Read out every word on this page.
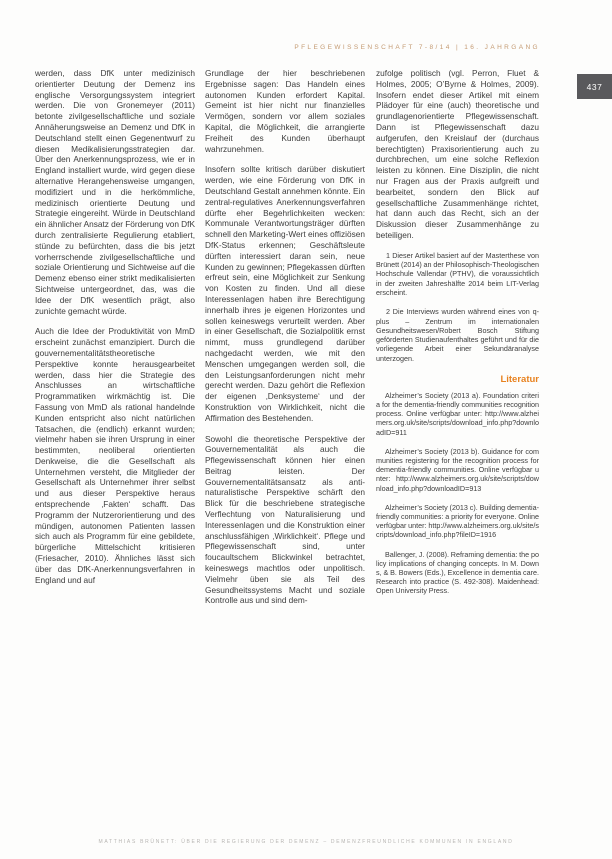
PFLEGEWISSENSCHAFT 7-8/14 | 16. JAHRGANG
437

werden, dass DfK unter medizinisch orientierter Deutung der Demenz ins englische Versorgungssystem integriert werden. Die von Gronemeyer (2011) betonte zivilgesellschaftliche und soziale Annäherungsweise an Demenz und DfK in Deutschland stellt einen Gegenentwurf zu diesen Medikalisierungsstrategien dar. Über den Anerkennungsprozess, wie er in England installiert wurde, wird gegen diese alternative Herangehensweise umgangen, modifiziert und in die herkömmliche, medizinisch orientierte Deutung und Strategie eingereiht. Würde in Deutschland ein ähnlicher Ansatz der Förderung von DfK durch zentralisierte Regulierung etabliert, stünde zu befürchten, dass die bis jetzt vorherrschende zivilgesellschaftliche und soziale Orientierung und Sichtweise auf die Demenz ebenso einer strikt medikalisierten Sichtweise untergeordnet, das, was die Idee der DfK wesentlich prägt, also zunichte gemacht würde.

Auch die Idee der Produktivität von MmD erscheint zunächst emanzipiert. Durch die gouvernementalitätstheoretische Perspektive konnte herausgearbeitet werden, dass hier die Strategie des Anschlusses an wirtschaftliche Programmatiken wirkmächtig ist. Die Fassung von MmD als rational handelnde Kunden entspricht also nicht natürlichen Tatsachen, die (endlich) erkannt wurden; vielmehr haben sie ihren Ursprung in einer bestimmten, neoliberal orientierten Denkweise, die die Gesellschaft als Unternehmen versteht, die Mitglieder der Gesellschaft als Unternehmer ihrer selbst und aus dieser Perspektive heraus entsprechende ‚Fakten‘ schafft. Das Programm der Nutzerorientierung und des mündigen, autonomen Patienten lassen sich auch als Programm für eine gebildete, bürgerliche Mittelschicht kritisieren (Friesacher, 2010). Ähnliches lässt sich über das DfK-Anerkennungsverfahren in England und auf

Grundlage der hier beschriebenen Ergebnisse sagen: Das Handeln eines autonomen Kunden erfordert Kapital. Gemeint ist hier nicht nur finanzielles Vermögen, sondern vor allem soziales Kapital, die Möglichkeit, die arrangierte Freiheit des Kunden überhaupt wahrzunehmen.

Insofern sollte kritisch darüber diskutiert werden, wie eine Förderung von DfK in Deutschland Gestalt annehmen könnte. Ein zentral-regulatives Anerkennungsverfahren dürfte eher Begehrlichkeiten wecken: Kommunale Verantwortungsträger dürften schnell den Marketing-Wert eines offiziösen DfK-Status erkennen; Geschäftsleute dürften interessiert daran sein, neue Kunden zu gewinnen; Pflegekassen dürften erfreut sein, eine Möglichkeit zur Senkung von Kosten zu finden. Und all diese Interessenlagen haben ihre Berechtigung innerhalb ihres je eigenen Horizontes und sollen keineswegs verurteilt werden. Aber in einer Gesellschaft, die Sozialpolitik ernst nimmt, muss grundlegend darüber nachgedacht werden, wie mit den Menschen umgegangen werden soll, die den Leistungsanforderungen nicht mehr gerecht werden. Dazu gehört die Reflexion der eigenen ‚Denksysteme‘ und der Konstruktion von Wirklichkeit, nicht die Affirmation des Bestehenden.

Sowohl die theoretische Perspektive der Gouvernementalität als auch die Pflegewissenschaft können hier einen Beitrag leisten. Der Gouvernementalitätsansatz als anti-naturalistische Perspektive schärft den Blick für die beschriebene strategische Verflechtung von Naturalisierung und Interessenlagen und die Konstruktion einer anschlussfähigen ‚Wirklichkeit‘. Pflege und Pflegewissenschaft sind, unter foucaultschem Blickwinkel betrachtet, keineswegs machtlos oder unpolitisch. Vielmehr üben sie als Teil des Gesundheitssystems Macht und soziale Kontrolle aus und sind dem-

zufolge politisch (vgl. Perron, Fluet & Holmes, 2005; O’Byrne & Holmes, 2009). Insofern endet dieser Artikel mit einem Plädoyer für eine (auch) theoretische und grundlagenorientierte Pflegewissenschaft. Dann ist Pflegewissenschaft dazu aufgerufen, den Kreislauf der (durchaus berechtigten) Praxisorientierung auch zu durchbrechen, um eine solche Reflexion leisten zu können. Eine Disziplin, die nicht nur Fragen aus der Praxis aufgreift und bearbeitet, sondern den Blick auf gesellschaftliche Zusammenhänge richtet, hat dann auch das Recht, sich an der Diskussion dieser Zusammenhänge zu beteiligen.

1 Dieser Artikel basiert auf der Masterthese von Brünett (2014) an der Philosophisch-Theologischen Hochschule Vallendar (PTHV), die voraussichtlich in der zweiten Jahreshälfte 2014 beim LIT-Verlag erscheint.

2 Die Interviews wurden während eines von q-plus – Zentrum im internationalen Gesundheitswesen/Robert Bosch Stiftung geförderten Studienaufenthaltes geführt und für die vorliegende Arbeit einer Sekundäranalyse unterzogen.

Literatur

Alzheimer’s Society (2013 a). Foundation criteria for the dementia-friendly communities recognition process. Online verfügbar unter: http://www.alzheimers.org.uk/site/scripts/download_info.php?downloadID=911

Alzheimer’s Society (2013 b). Guidance for communities registering for the recognition process for dementia-friendly communities. Online verfügbar unter: http://www.alzheimers.org.uk/site/scripts/download_info.php?downloadID=913

Alzheimer’s Society (2013 c). Building dementia-friendly communities: a priority for everyone. Online verfügbar unter: http://www.alzheimers.org.uk/site/scripts/download_info.php?fileID=1916

Ballenger, J. (2008). Reframing dementia: the policy implications of changing concepts. In M. Downs, & B. Bowers (Eds.), Excellence in dementia care. Research into practice (S. 492-308). Maidenhead: Open University Press.

MATTHIAS BRÜNETT: ÜBER DIE REGIERUNG DER DEMENZ – DEMENZFREUNDLICHE KOMMUNEN IN ENGLAND
